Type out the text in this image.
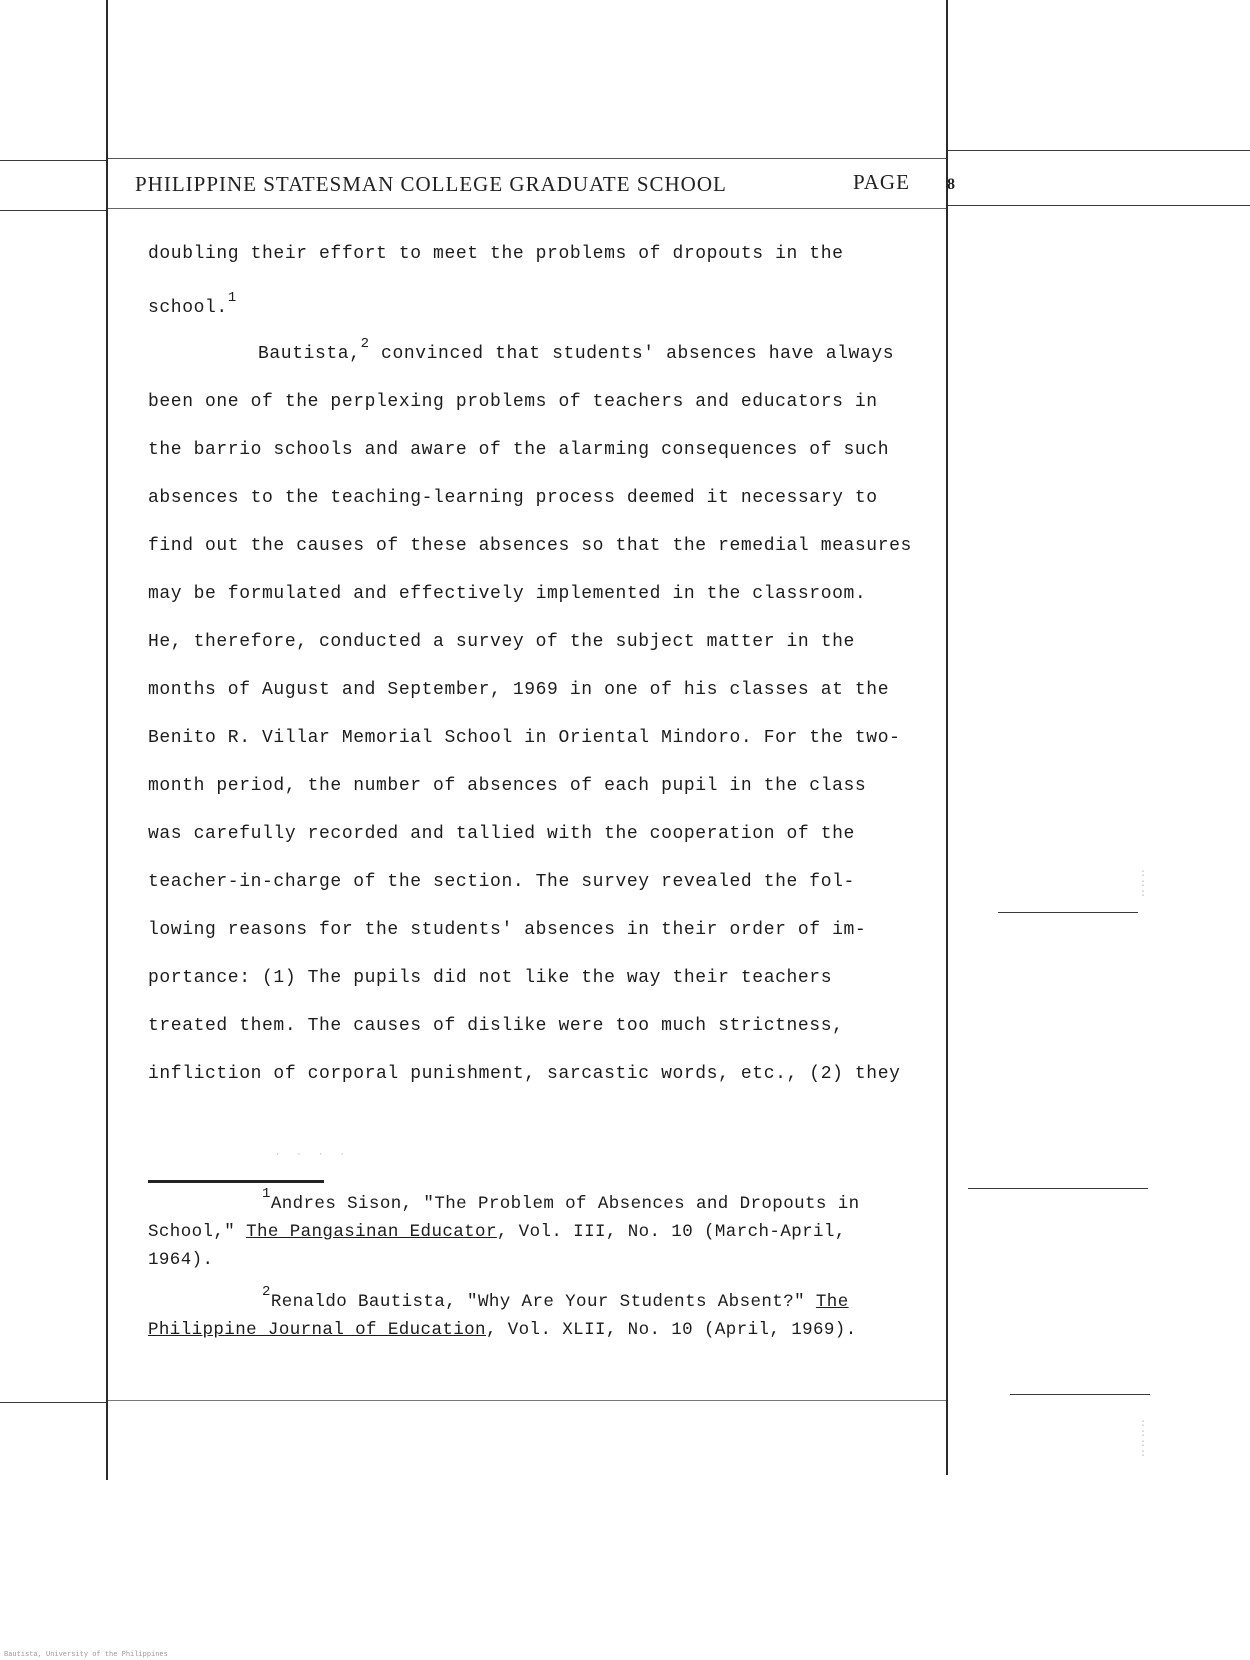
PHILIPPINE STATESMAN COLLEGE GRADUATE SCHOOL	PAGE 8
doubling their effort to meet the problems of dropouts in the
school.$^1$
Bautista,$^2$ convinced that students' absences have always
been one of the perplexing problems of teachers and educators in
the barrio schools and aware of the alarming consequences of such
absences to the teaching-learning process deemed it necessary to
find out the causes of these absences so that the remedial measures
may be formulated and effectively implemented in the classroom.
He, therefore, conducted a survey of the subject matter in the
months of August and September, 1969 in one of his classes at the
Benito R. Villar Memorial School in Oriental Mindoro. For the two-
month period, the number of absences of each pupil in the class
was carefully recorded and tallied with the cooperation of the
teacher-in-charge of the section. The survey revealed the fol-
lowing reasons for the students' absences in their order of im-
portance: (1) The pupils did not like the way their teachers
treated them. The causes of dislike were too much strictness,
infliction of corporal punishment, sarcastic words, etc., (2) they
· · · ·
$^1$Andres Sison, "The Problem of Absences and Dropouts in
School," The Pangasinan Educator, Vol. III, No. 10 (March-April,
1964).
$^2$Renaldo Bautista, "Why Are Your Students Absent?" The
Philippine Journal of Education, Vol. XLII, No. 10 (April, 1969).
:
:
:
:
:
:
:
Bautista, University of the Philippines
